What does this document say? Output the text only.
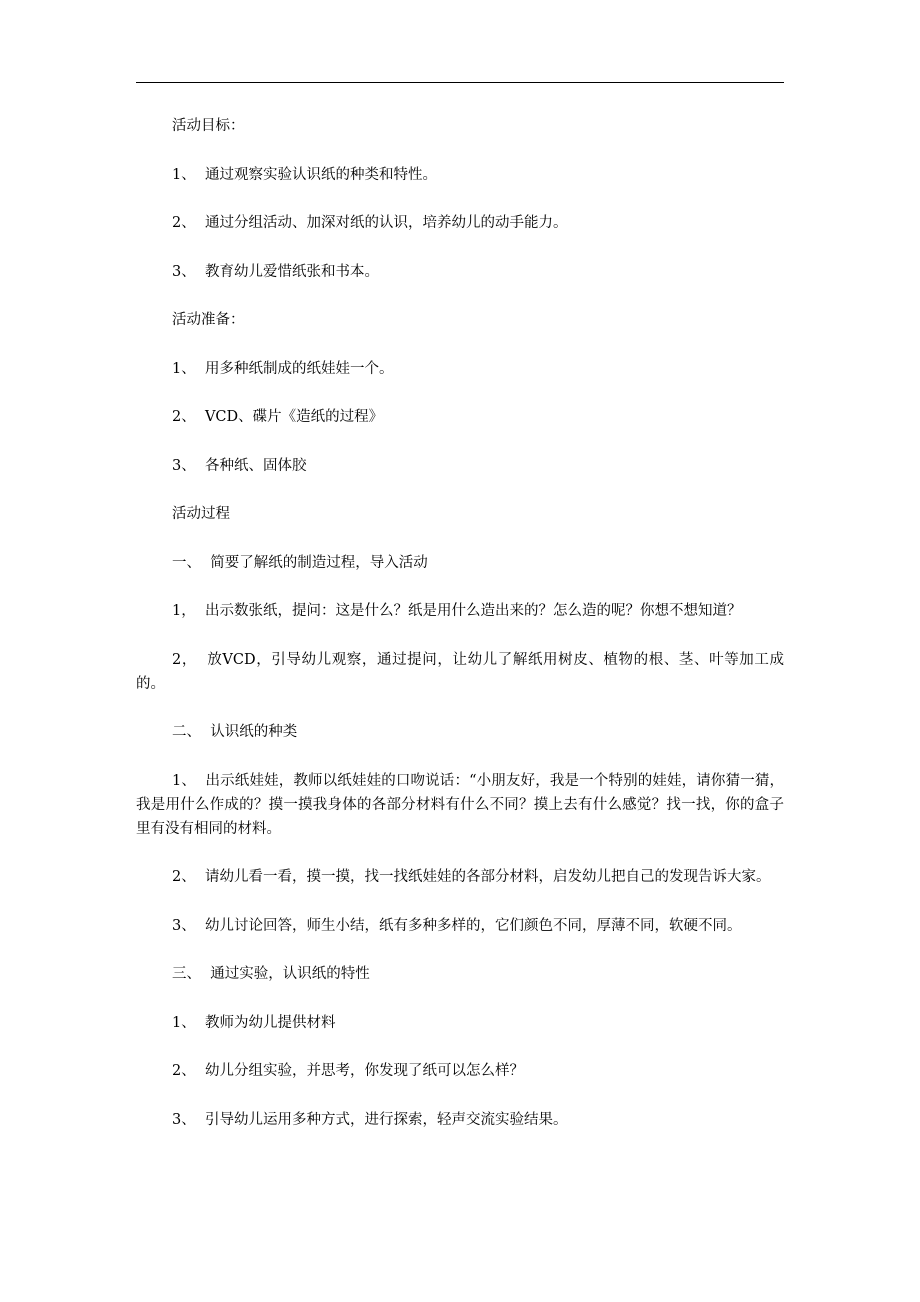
活动目标：

1、  通过观察实验认识纸的种类和特性。

2、  通过分组活动、加深对纸的认识，培养幼儿的动手能力。

3、  教育幼儿爱惜纸张和书本。

活动准备：

1、  用多种纸制成的纸娃娃一个。

2、  VCD、碟片《造纸的过程》

3、  各种纸、固体胶

活动过程

一、  简要了解纸的制造过程，导入活动

1，  出示数张纸，提问：这是什么？纸是用什么造出来的？怎么造的呢？你想不想知道？

2，  放VCD，引导幼儿观察，通过提问，让幼儿了解纸用树皮、植物的根、茎、叶等加工成的。

二、  认识纸的种类

1、  出示纸娃娃，教师以纸娃娃的口吻说话：“小朋友好，我是一个特别的娃娃，请你猜一猜，我是用什么作成的？摸一摸我身体的各部分材料有什么不同？摸上去有什么感觉？找一找，你的盒子里有没有相同的材料。

2、  请幼儿看一看，摸一摸，找一找纸娃娃的各部分材料，启发幼儿把自己的发现告诉大家。

3、  幼儿讨论回答，师生小结，纸有多种多样的，它们颜色不同，厚薄不同，软硬不同。

三、  通过实验，认识纸的特性

1、  教师为幼儿提供材料

2、  幼儿分组实验，并思考，你发现了纸可以怎么样？

3、  引导幼儿运用多种方式，进行探索，轻声交流实验结果。
